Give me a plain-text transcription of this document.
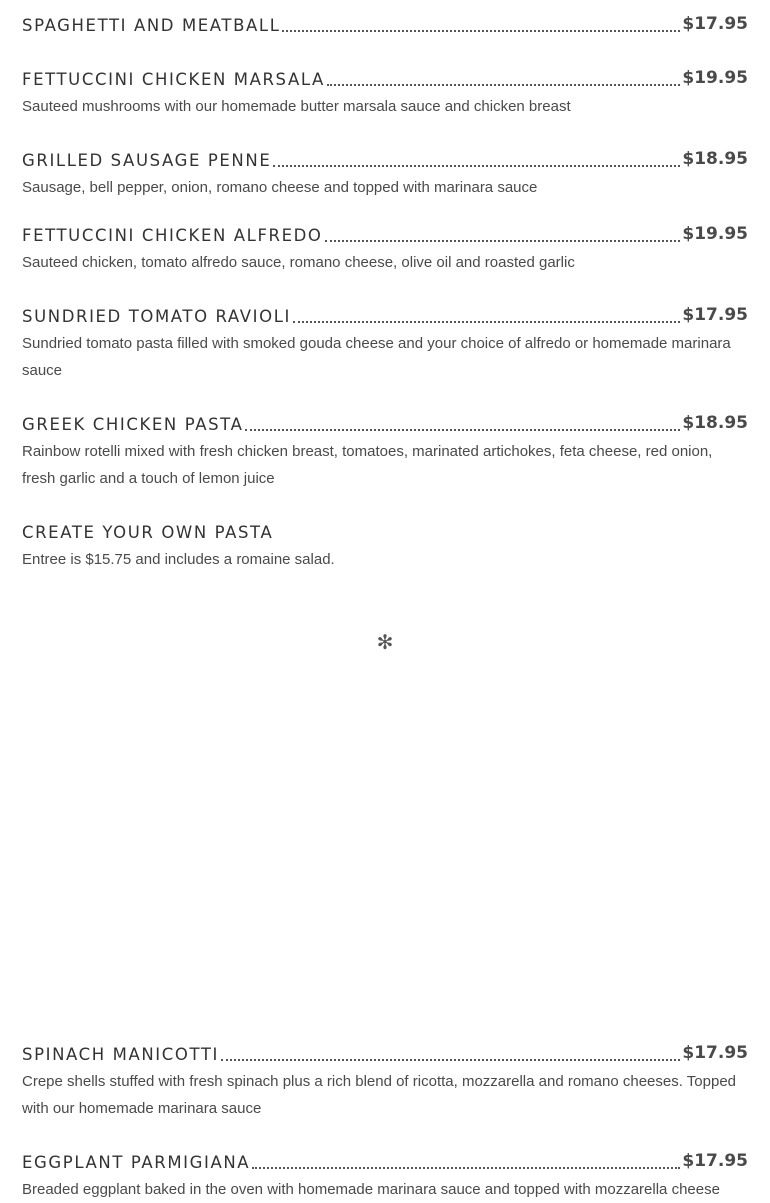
SPAGHETTI AND MEATBALL	$17.95
FETTUCCINI CHICKEN MARSALA	$19.95
Sauteed mushrooms with our homemade butter marsala sauce and chicken breast
GRILLED SAUSAGE PENNE	$18.95
Sausage, bell pepper, onion, romano cheese and topped with marinara sauce
FETTUCCINI CHICKEN ALFREDO	$19.95
Sauteed chicken, tomato alfredo sauce, romano cheese, olive oil and roasted garlic
SUNDRIED TOMATO RAVIOLI	$17.95
Sundried tomato pasta filled with smoked gouda cheese and your choice of alfredo or homemade marinara sauce
GREEK CHICKEN PASTA	$18.95
Rainbow rotelli mixed with fresh chicken breast, tomatoes, marinated artichokes, feta cheese, red onion, fresh garlic and a touch of lemon juice
CREATE YOUR OWN PASTA
Entree is $15.75 and includes a romaine salad.
✻
SPINACH MANICOTTI	$17.95
Crepe shells stuffed with fresh spinach plus a rich blend of ricotta, mozzarella and romano cheeses. Topped with our homemade marinara sauce
EGGPLANT PARMIGIANA	$17.95
Breaded eggplant baked in the oven with homemade marinara sauce and topped with mozzarella cheese
